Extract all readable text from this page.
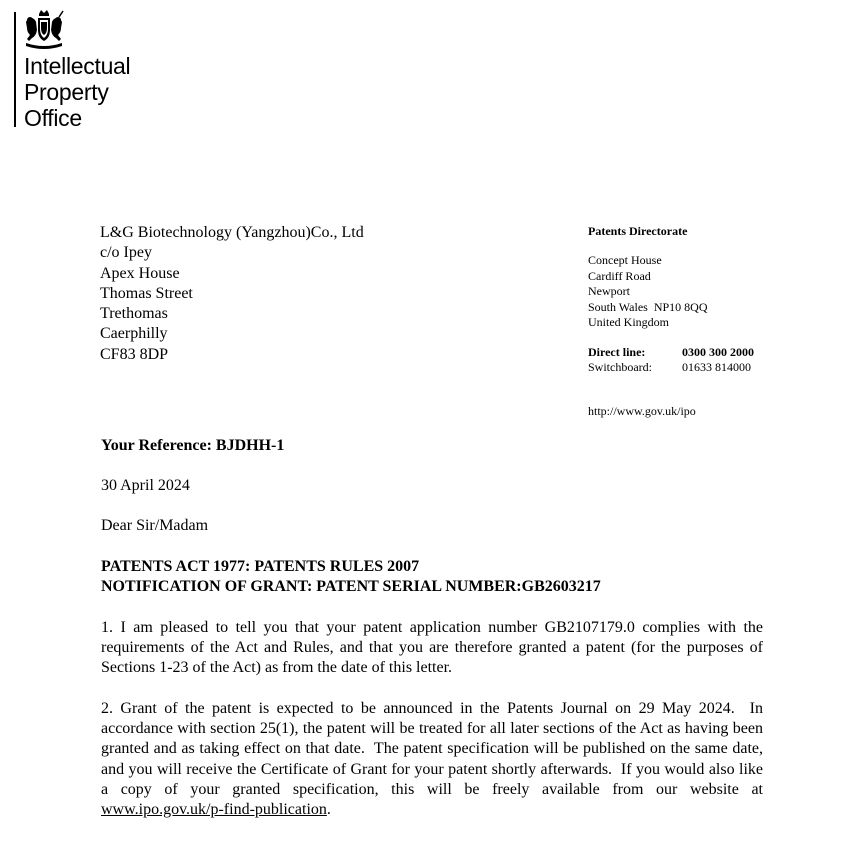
Intellectual
Property
Office
L&G Biotechnology (Yangzhou)Co., Ltd
c/o Ipey
Apex House
Thomas Street
Trethomas
Caerphilly
CF83 8DP
Patents Directorate
Concept House
Cardiff Road
Newport
South Wales  NP10 8QQ
United Kingdom
Direct line:	0300 300 2000
Switchboard:	01633 814000
http://www.gov.uk/ipo
Your Reference: BJDHH-1
30 April 2024
Dear Sir/Madam
PATENTS ACT 1977: PATENTS RULES 2007
NOTIFICATION OF GRANT: PATENT SERIAL NUMBER:GB2603217
1. I am pleased to tell you that your patent application number GB2107179.0 complies with the requirements of the Act and Rules, and that you are therefore granted a patent (for the purposes of Sections 1-23 of the Act) as from the date of this letter.
2. Grant of the patent is expected to be announced in the Patents Journal on 29 May 2024.  In accordance with section 25(1), the patent will be treated for all later sections of the Act as having been granted and as taking effect on that date.  The patent specification will be published on the same date, and you will receive the Certificate of Grant for your patent shortly afterwards.  If you would also like a copy of your granted specification, this will be freely available from our website at www.ipo.gov.uk/p-find-publication.
